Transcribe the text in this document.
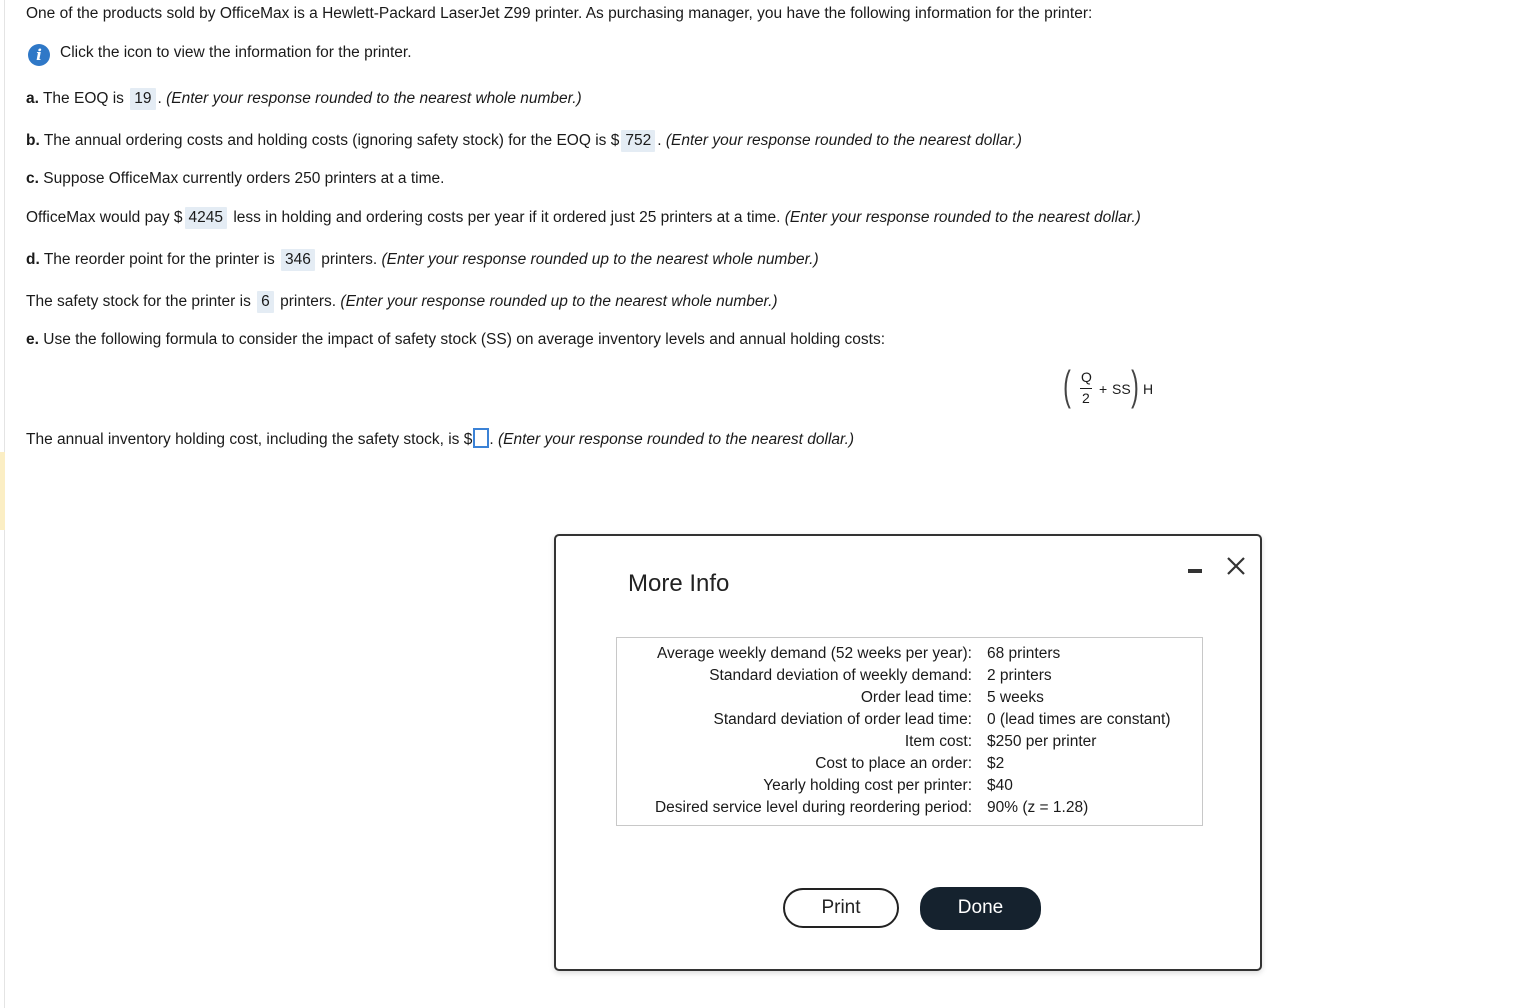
One of the products sold by OfficeMax is a Hewlett-Packard LaserJet Z99 printer. As purchasing manager, you have the following information for the printer:
i	Click the icon to view the information for the printer.
a. The EOQ is 19 . (Enter your response rounded to the nearest whole number.)
b. The annual ordering costs and holding costs (ignoring safety stock) for the EOQ is $ 752 . (Enter your response rounded to the nearest dollar.)
c. Suppose OfficeMax currently orders 250 printers at a time.
OfficeMax would pay $ 4245 less in holding and ordering costs per year if it ordered just 25 printers at a time. (Enter your response rounded to the nearest dollar.)
d. The reorder point for the printer is 346 printers. (Enter your response rounded up to the nearest whole number.)
The safety stock for the printer is 6 printers. (Enter your response rounded up to the nearest whole number.)
e. Use the following formula to consider the impact of safety stock (SS) on average inventory levels and annual holding costs:
( Q
2
+ SS ) H
The annual inventory holding cost, including the safety stock, is $ . (Enter your response rounded to the nearest dollar.)
More Info
Average weekly demand (52 weeks per year): 68 printers
Standard deviation of weekly demand: 2 printers
Order lead time: 5 weeks
Standard deviation of order lead time: 0 (lead times are constant)
Item cost: $250 per printer
Cost to place an order: $2
Yearly holding cost per printer: $40
Desired service level during reordering period: 90% (z = 1.28)
Print	Done
